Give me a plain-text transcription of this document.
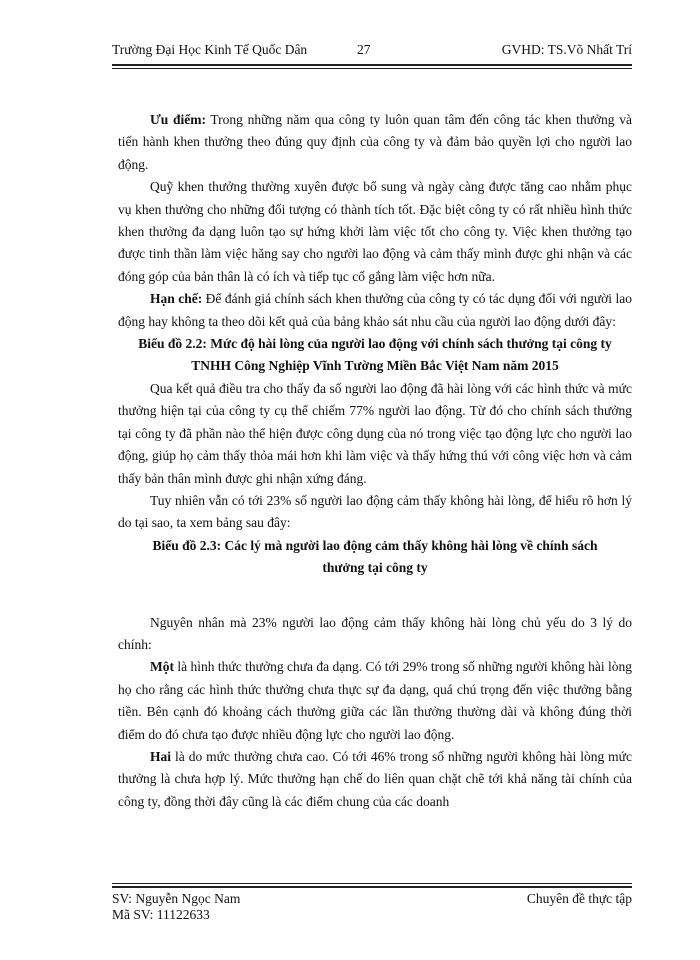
Trường Đại Học Kinh Tế Quốc Dân	27	GVHD: TS.Võ Nhất Trí

Ưu điểm: Trong những năm qua công ty luôn quan tâm đến công tác khen thưởng và tiến hành khen thưởng theo đúng quy định của công ty và đảm bảo quyền lợi cho người lao động.

Quỹ khen thưởng thường xuyên được bổ sung và ngày càng được tăng cao nhằm phục vụ khen thưởng cho những đối tượng có thành tích tốt. Đặc biệt công ty có rất nhiều hình thức khen thưởng đa dạng luôn tạo sự hứng khởi làm việc tốt cho công ty. Việc khen thưởng tạo được tinh thần làm việc hăng say cho người lao động và cảm thấy mình được ghi nhận và các đóng góp của bản thân là có ích và tiếp tục cố gắng làm việc hơn nữa.

Hạn chế: Để đánh giá chính sách khen thưởng của công ty có tác dụng đối với người lao động hay không ta theo dõi kết quả của bảng khảo sát nhu cầu của người lao động dưới đây:

Biểu đồ 2.2: Mức độ hài lòng của người lao động với chính sách thưởng tại công ty
TNHH Công Nghiệp Vĩnh Tường Miền Bắc Việt Nam năm 2015

Qua kết quả điều tra cho thấy đa số người lao động đã hài lòng với các hình thức và mức thưởng hiện tại của công ty cụ thể chiếm 77% người lao động. Từ đó cho chính sách thưởng tại công ty đã phần nào thể hiện được công dụng của nó trong việc tạo động lực cho người lao động, giúp họ cảm thấy thỏa mái hơn khi làm việc và thấy hứng thú với công việc hơn và cảm thấy bản thân mình được ghi nhận xứng đáng.

Tuy nhiên vẫn có tới 23% số người lao động cảm thấy không hài lòng, để hiểu rõ hơn lý do tại sao, ta xem bảng sau đây:

Biểu đồ 2.3: Các lý mà người lao động cảm thấy không hài lòng về chính sách
thưởng tại công ty

Nguyên nhân mà 23% người lao động cảm thấy không hài lòng chủ yếu do 3 lý do chính:

Một là hình thức thưởng chưa đa dạng. Có tới 29% trong số những người không hài lòng họ cho rằng các hình thức thưởng chưa thực sự đa dạng, quá chú trọng đến việc thưởng bằng tiền. Bên cạnh đó khoảng cách thưởng giữa các lần thưởng thường dài và không đúng thời điểm do đó chưa tạo được nhiều động lực cho người lao động.

Hai là do mức thưởng chưa cao. Có tới 46% trong số những người không hài lòng mức thưởng là chưa hợp lý. Mức thưởng hạn chế do liên quan chặt chẽ tới khả năng tài chính của công ty, đồng thời đây cũng là các điểm chung của các doanh

SV: Nguyễn Ngọc Nam	Chuyên đề thực tập
Mã SV: 11122633
